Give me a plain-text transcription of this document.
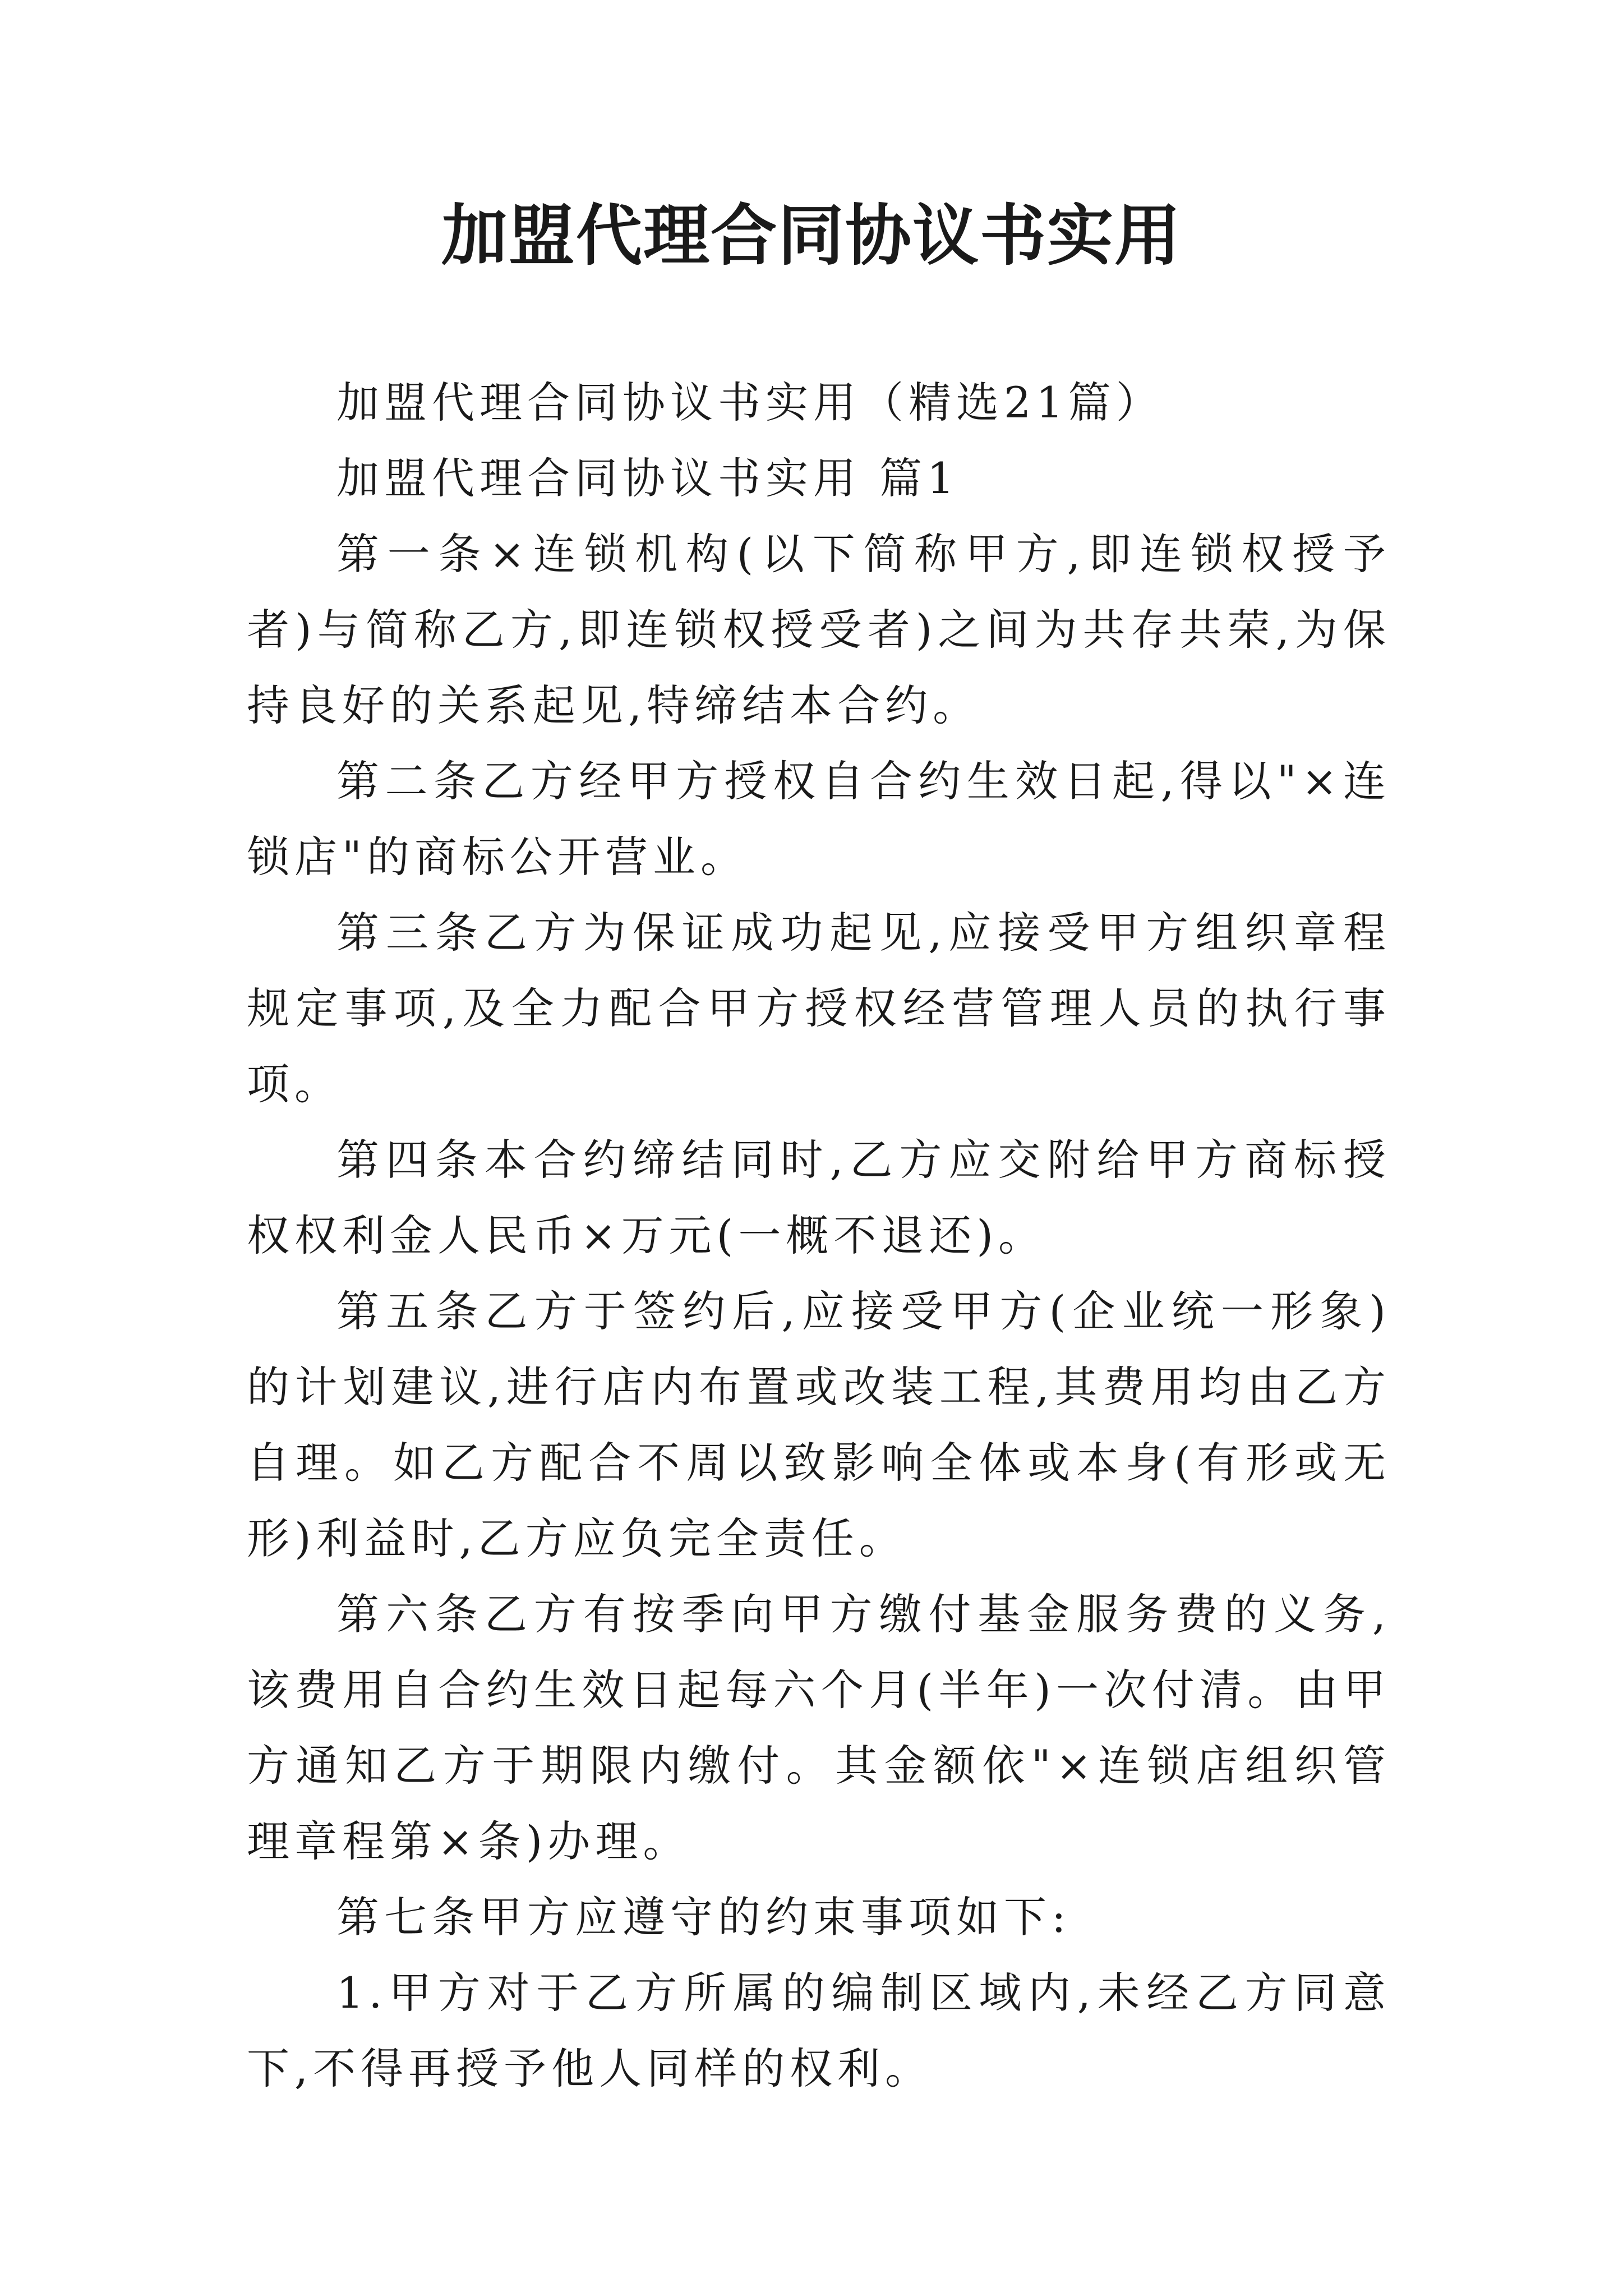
加盟代理合同协议书实用

加盟代理合同协议书实用（精选21篇）

加盟代理合同协议书实用 篇1

第一条×连锁机构(以下简称甲方,即连锁权授予者)与简称乙方,即连锁权授受者)之间为共存共荣,为保持良好的关系起见,特缔结本合约。

第二条乙方经甲方授权自合约生效日起,得以"×连锁店"的商标公开营业。

第三条乙方为保证成功起见,应接受甲方组织章程规定事项,及全力配合甲方授权经营管理人员的执行事项。

第四条本合约缔结同时,乙方应交附给甲方商标授权权利金人民币×万元(一概不退还)。

第五条乙方于签约后,应接受甲方(企业统一形象)的计划建议,进行店内布置或改装工程,其费用均由乙方自理。如乙方配合不周以致影响全体或本身(有形或无形)利益时,乙方应负完全责任。

第六条乙方有按季向甲方缴付基金服务费的义务,该费用自合约生效日起每六个月(半年)一次付清。由甲方通知乙方于期限内缴付。其金额依"×连锁店组织管理章程第×条)办理。

第七条甲方应遵守的约束事项如下:

1.甲方对于乙方所属的编制区域内,未经乙方同意下,不得再授予他人同样的权利。
